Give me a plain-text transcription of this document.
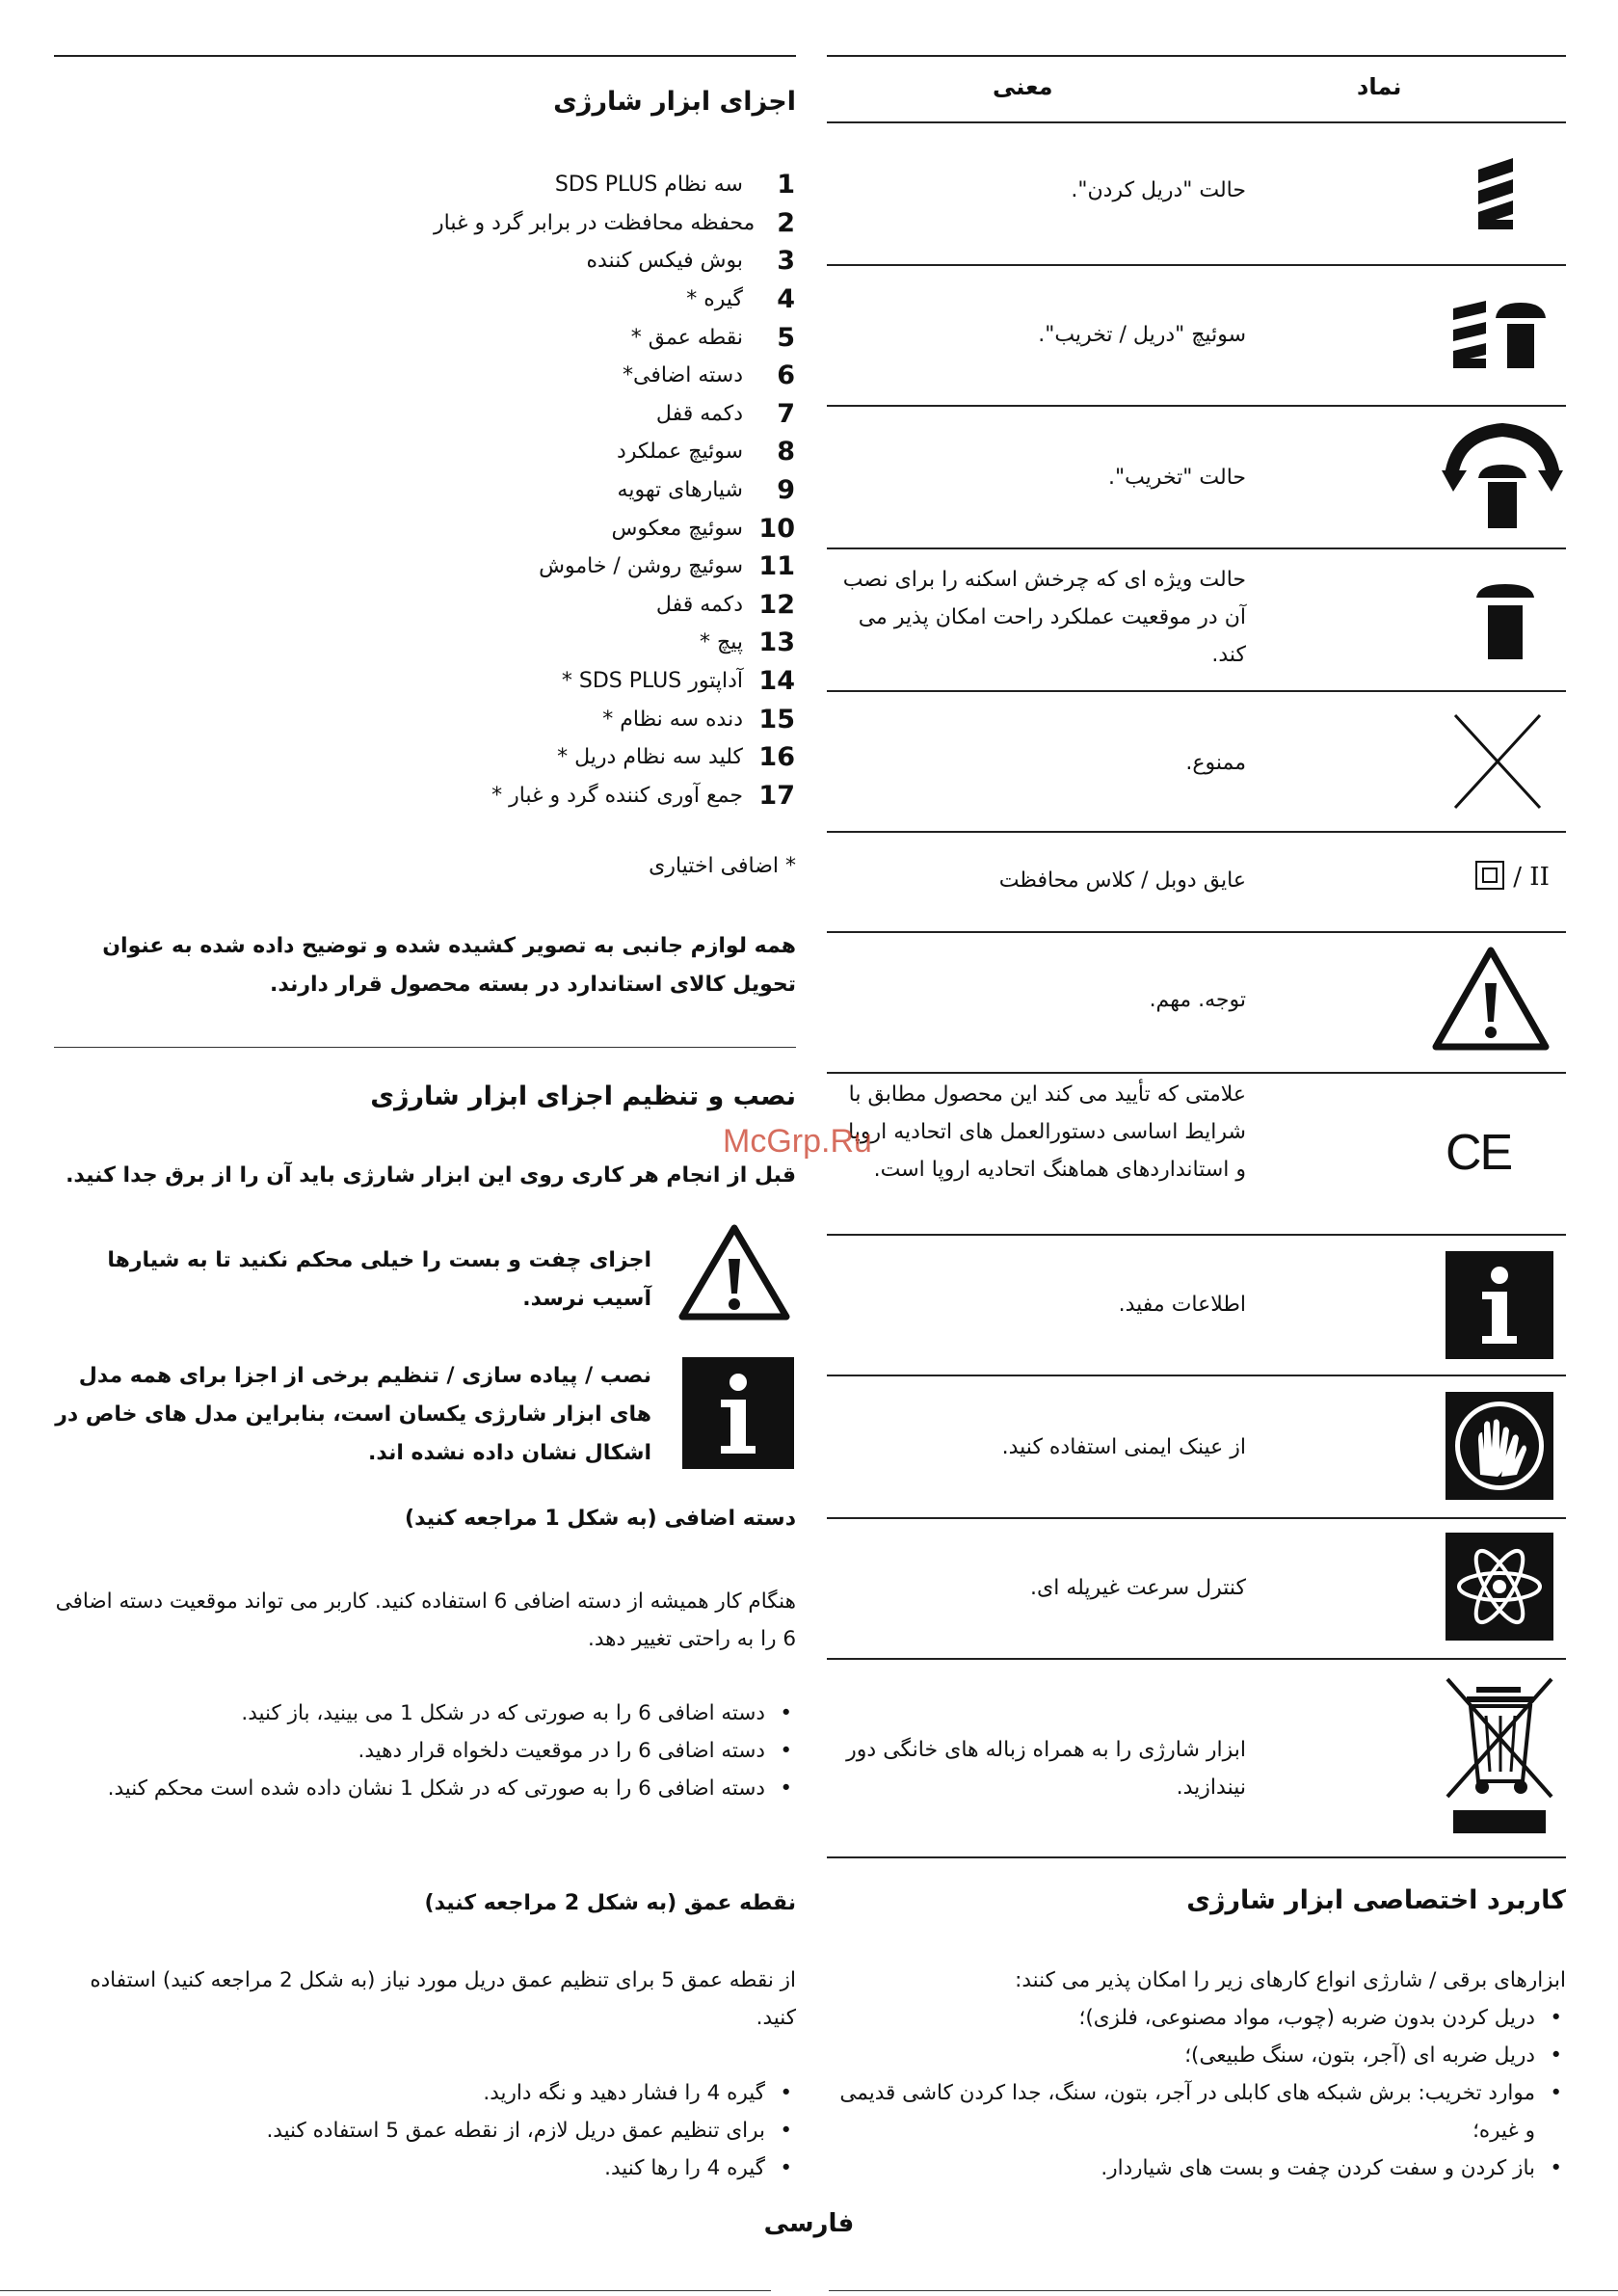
اجزای ابزار شارژی
1
سه نظام SDS PLUS
2
محفظه محافظت در برابر گرد و غبار
3
بوش فیکس کننده
4
گیره *
5
نقطه عمق *
6
دسته اضافی*
7
دکمه قفل
8
سوئیچ عملکرد
9
شیارهای تهویه
10
سوئیچ معکوس
11
سوئیچ روشن / خاموش
12
دکمه قفل
13
پیچ *
14
آداپتور SDS PLUS *
15
دنده سه نظام *
16
کلید سه نظام دریل *
17
جمع آوری کننده گرد و غبار *
* اضافی اختیاری
همه لوازم جانبی به تصویر کشیده شده و توضیح داده شده به عنوان تحویل کالای استاندارد در بسته محصول قرار دارند.
نصب و تنظیم اجزای ابزار شارژی
قبل از انجام هر کاری روی این ابزار شارژی باید آن را از برق جدا کنید.
اجزای چفت و بست را خیلی محکم نکنید تا به شیارها آسیب نرسد.
نصب / پیاده سازی / تنظیم برخی از اجزا برای همه مدل های ابزار شارژی یکسان است، بنابراین مدل های خاص در اشکال نشان داده نشده اند.
دسته اضافی (به شکل 1 مراجعه کنید)
هنگام کار همیشه از دسته اضافی 6 استفاده کنید. کاربر می تواند موقعیت دسته اضافی 6 را به راحتی تغییر دهد.
• دسته اضافی 6 را به صورتی که در شکل 1 می بینید، باز کنید.
• دسته اضافی 6 را در موقعیت دلخواه قرار دهید.
• دسته اضافی 6 را به صورتی که در شکل 1 نشان داده شده است محکم کنید.
نقطه عمق (به شکل 2 مراجعه کنید)
از نقطه عمق 5 برای تنظیم عمق دریل مورد نیاز (به شکل 2 مراجعه کنید) استفاده کنید.
• گیره 4 را فشار دهید و نگه دارید.
• برای تنظیم عمق دریل لازم، از نقطه عمق 5 استفاده کنید.
• گیره 4 را رها کنید.
نماد
معنی
حالت "دریل کردن".
سوئیچ "دریل / تخریب".
حالت "تخریب".
حالت ویژه ای که چرخش اسکنه را برای نصب آن در موقعیت عملکرد راحت امکان پذیر می کند.
ممنوع.
عایق دوبل / کلاس محافظت	II /
توجه. مهم.
علامتی که تأیید می کند این محصول مطابق با شرایط اساسی دستورالعمل های اتحادیه اروپا و استانداردهای هماهنگ اتحادیه اروپا است.	CE
اطلاعات مفید.
از عینک ایمنی استفاده کنید.
کنترل سرعت غیرپله ای.
ابزار شارژی را به همراه زباله های خانگی دور نیندازید.
کاربرد اختصاصی ابزار شارژی
ابزارهای برقی / شارژی انواع کارهای زیر را امکان پذیر می کنند:
• دریل کردن بدون ضربه (چوب، مواد مصنوعی، فلزی)؛
• دریل ضربه ای (آجر، بتون، سنگ طبیعی)؛
• موارد تخریب: برش شبکه های کابلی در آجر، بتون، سنگ، جدا کردن کاشی قدیمی و غیره؛
• باز کردن و سفت کردن چفت و بست های شیاردار.
McGrp.Ru
فارسی
